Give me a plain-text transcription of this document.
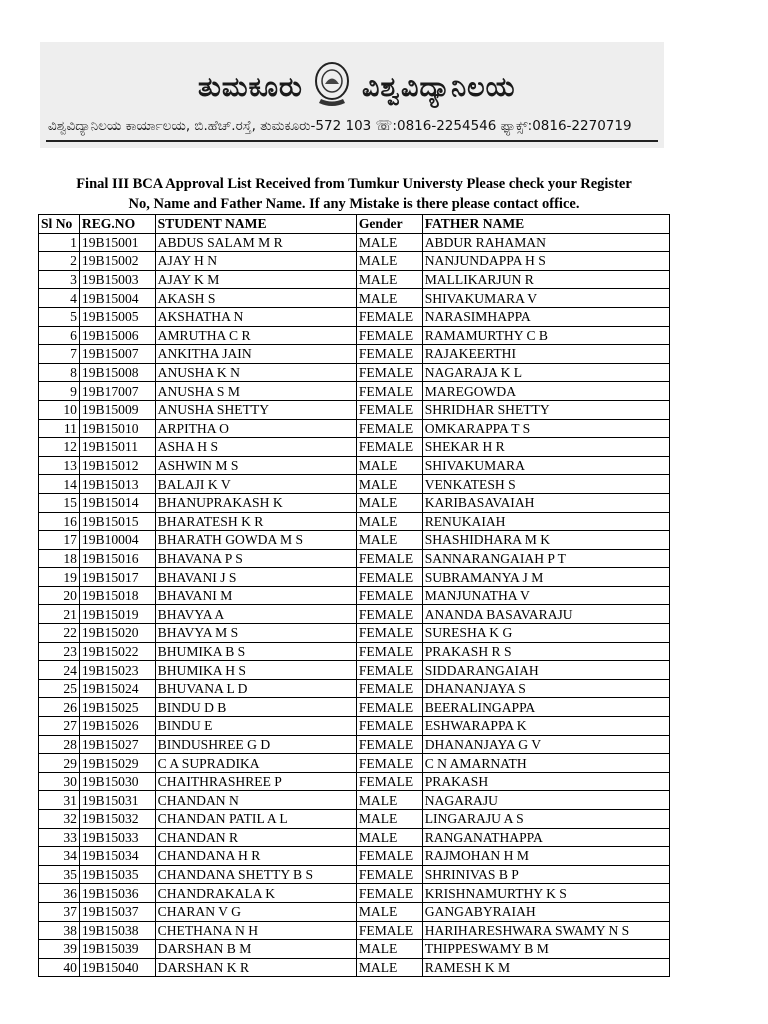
ತುಮಕೂರು ವಿಶ್ವವಿದ್ಯಾನಿಲಯ
ವಿಶ್ವವಿದ್ಯಾನಿಲಯ ಕಾರ್ಯಾಲಯ, ಬಿ.ಹೆಚ್.ರಸ್ತೆ, ತುಮಕೂರು-572 103 ☏:0816-2254546 ಫ್ಯಾಕ್ಸ್:0816-2270719
Final III BCA Approval List Received from Tumkur Universty Please check your Register
No, Name and Father Name. If any Mistake is there please contact office.
Sl No	REG.NO	STUDENT NAME	Gender	FATHER NAME
1	19B15001	ABDUS SALAM M R	MALE	ABDUR RAHAMAN
2	19B15002	AJAY H N	MALE	NANJUNDAPPA H S
3	19B15003	AJAY K M	MALE	MALLIKARJUN R
4	19B15004	AKASH S	MALE	SHIVAKUMARA V
5	19B15005	AKSHATHA N	FEMALE	NARASIMHAPPA
6	19B15006	AMRUTHA C R	FEMALE	RAMAMURTHY C B
7	19B15007	ANKITHA JAIN	FEMALE	RAJAKEERTHI
8	19B15008	ANUSHA K N	FEMALE	NAGARAJA K L
9	19B17007	ANUSHA S M	FEMALE	MAREGOWDA
10	19B15009	ANUSHA SHETTY	FEMALE	SHRIDHAR SHETTY
11	19B15010	ARPITHA O	FEMALE	OMKARAPPA T S
12	19B15011	ASHA H S	FEMALE	SHEKAR H R
13	19B15012	ASHWIN M S	MALE	SHIVAKUMARA
14	19B15013	BALAJI K V	MALE	VENKATESH S
15	19B15014	BHANUPRAKASH K	MALE	KARIBASAVAIAH
16	19B15015	BHARATESH K R	MALE	RENUKAIAH
17	19B10004	BHARATH GOWDA M S	MALE	SHASHIDHARA M K
18	19B15016	BHAVANA P S	FEMALE	SANNARANGAIAH P T
19	19B15017	BHAVANI J S	FEMALE	SUBRAMANYA J M
20	19B15018	BHAVANI M	FEMALE	MANJUNATHA V
21	19B15019	BHAVYA A	FEMALE	ANANDA BASAVARAJU
22	19B15020	BHAVYA M S	FEMALE	SURESHA K G
23	19B15022	BHUMIKA B S	FEMALE	PRAKASH R S
24	19B15023	BHUMIKA H S	FEMALE	SIDDARANGAIAH
25	19B15024	BHUVANA L D	FEMALE	DHANANJAYA S
26	19B15025	BINDU D B	FEMALE	BEERALINGAPPA
27	19B15026	BINDU E	FEMALE	ESHWARAPPA K
28	19B15027	BINDUSHREE G D	FEMALE	DHANANJAYA G V
29	19B15029	C A SUPRADIKA	FEMALE	C N AMARNATH
30	19B15030	CHAITHRASHREE P	FEMALE	PRAKASH
31	19B15031	CHANDAN N	MALE	NAGARAJU
32	19B15032	CHANDAN PATIL A L	MALE	LINGARAJU A S
33	19B15033	CHANDAN R	MALE	RANGANATHAPPA
34	19B15034	CHANDANA H R	FEMALE	RAJMOHAN H M
35	19B15035	CHANDANA SHETTY B S	FEMALE	SHRINIVAS B P
36	19B15036	CHANDRAKALA K	FEMALE	KRISHNAMURTHY K S
37	19B15037	CHARAN V G	MALE	GANGABYRAIAH
38	19B15038	CHETHANA N H	FEMALE	HARIHARESHWARA SWAMY N S
39	19B15039	DARSHAN B M	MALE	THIPPESWAMY B M
40	19B15040	DARSHAN K R	MALE	RAMESH K M
